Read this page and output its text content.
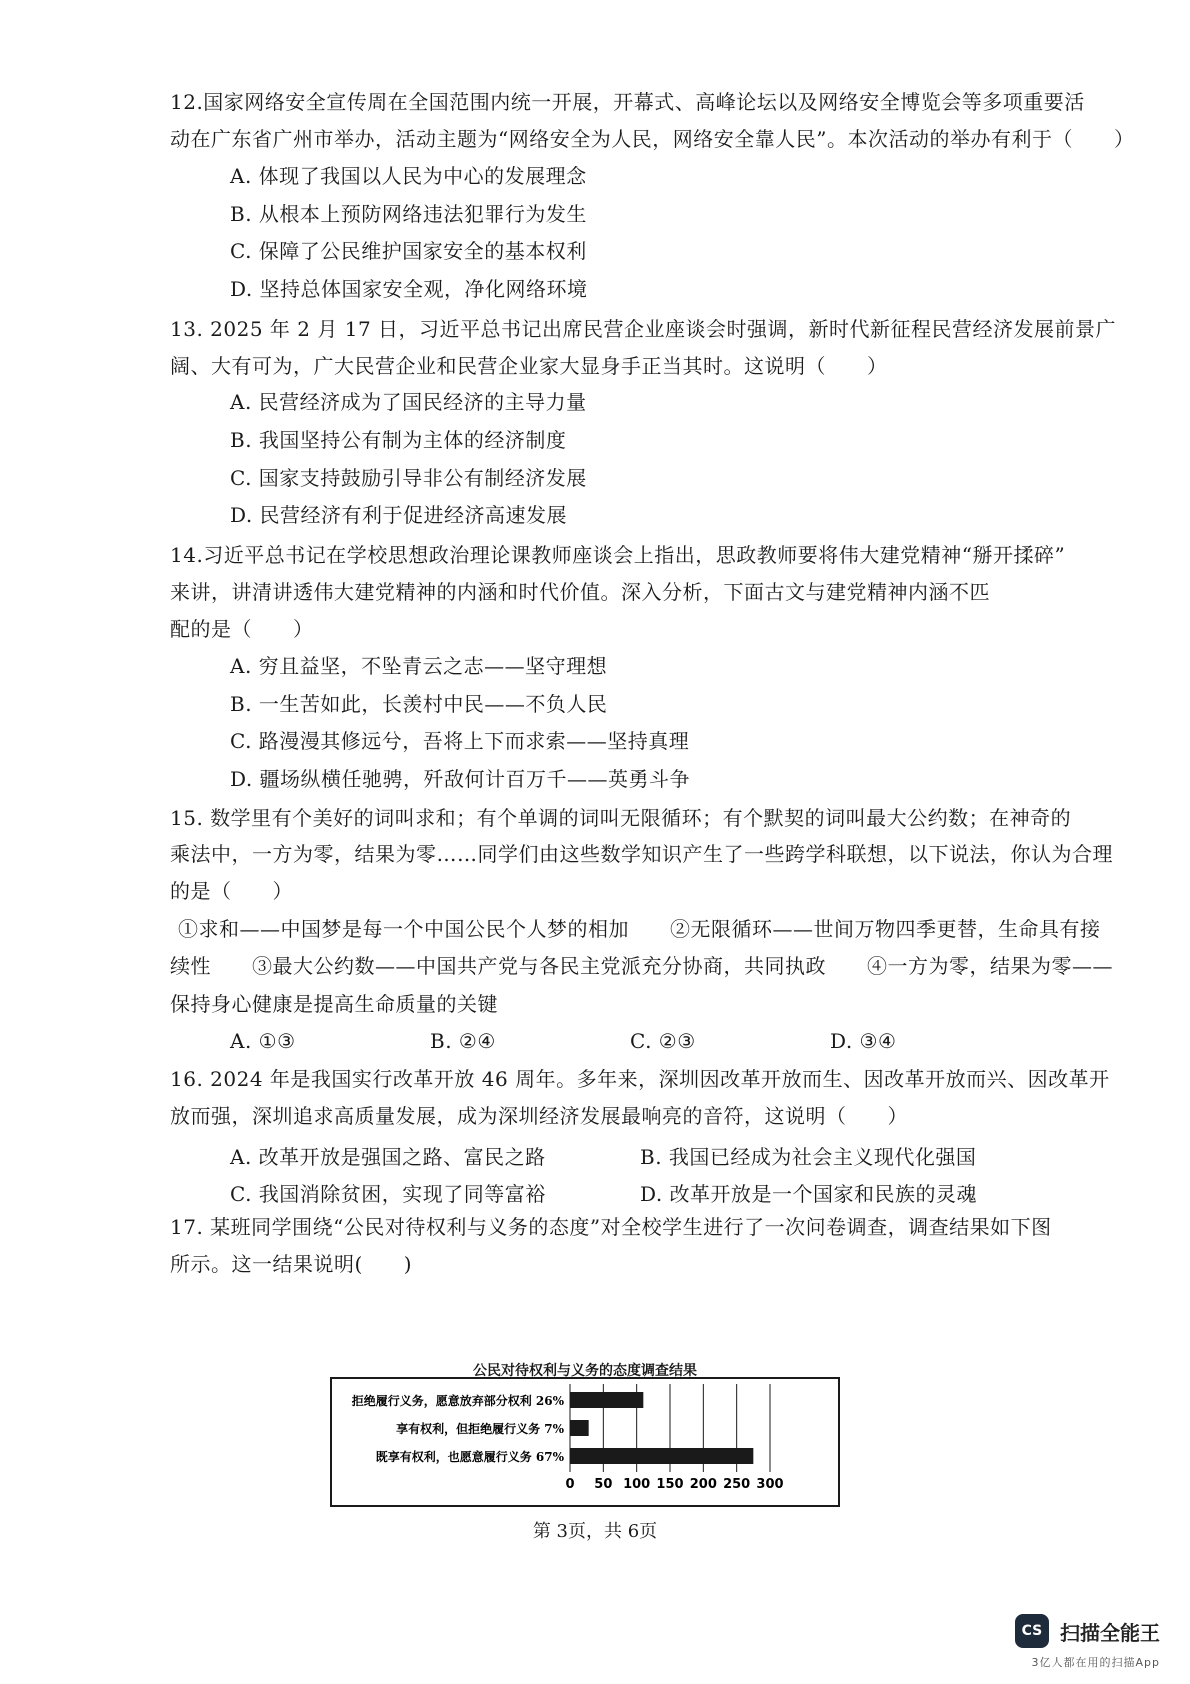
12.国家网络安全宣传周在全国范围内统一开展，开幕式、高峰论坛以及网络安全博览会等多项重要活
动在广东省广州市举办，活动主题为“网络安全为人民，网络安全靠人民”。本次活动的举办有利于（　　）
A. 体现了我国以人民为中心的发展理念
B. 从根本上预防网络违法犯罪行为发生
C. 保障了公民维护国家安全的基本权利
D. 坚持总体国家安全观，净化网络环境
13. 2025 年 2 月 17 日，习近平总书记出席民营企业座谈会时强调，新时代新征程民营经济发展前景广
阔、大有可为，广大民营企业和民营企业家大显身手正当其时。这说明（　　）
A. 民营经济成为了国民经济的主导力量
B. 我国坚持公有制为主体的经济制度
C. 国家支持鼓励引导非公有制经济发展
D. 民营经济有利于促进经济高速发展
14.习近平总书记在学校思想政治理论课教师座谈会上指出，思政教师要将伟大建党精神“掰开揉碎”
来讲，讲清讲透伟大建党精神的内涵和时代价值。深入分析，下面古文与建党精神内涵不匹
配的是（　　）
A. 穷且益坚，不坠青云之志——坚守理想
B. 一生苦如此，长羡村中民——不负人民
C. 路漫漫其修远兮，吾将上下而求索——坚持真理
D. 疆场纵横任驰骋，歼敌何计百万千——英勇斗争
15. 数学里有个美好的词叫求和；有个单调的词叫无限循环；有个默契的词叫最大公约数；在神奇的
乘法中，一方为零，结果为零……同学们由这些数学知识产生了一些跨学科联想，以下说法，你认为合理
的是（　　）
①求和——中国梦是每一个中国公民个人梦的相加　　②无限循环——世间万物四季更替，生命具有接
续性　　③最大公约数——中国共产党与各民主党派充分协商，共同执政　　④一方为零，结果为零——
保持身心健康是提高生命质量的关键
A. ①③	B. ②④	C. ②③	D. ③④
16. 2024 年是我国实行改革开放 46 周年。多年来，深圳因改革开放而生、因改革开放而兴、因改革开
放而强，深圳追求高质量发展，成为深圳经济发展最响亮的音符，这说明（　　）
A. 改革开放是强国之路、富民之路	B. 我国已经成为社会主义现代化强国
C. 我国消除贫困，实现了同等富裕	D. 改革开放是一个国家和民族的灵魂
17. 某班同学围绕“公民对待权利与义务的态度”对全校学生进行了一次问卷调查，调查结果如下图
所示。这一结果说明(　　)
公民对待权利与义务的态度调查结果
0 50 100 150 200 250 300
拒绝履行义务，愿意放弃部分权利 26%
享有权利，但拒绝履行义务 7%
既享有权利，也愿意履行义务 67%
第 3页，共 6页
CS 扫描全能王
3亿人都在用的扫描App
